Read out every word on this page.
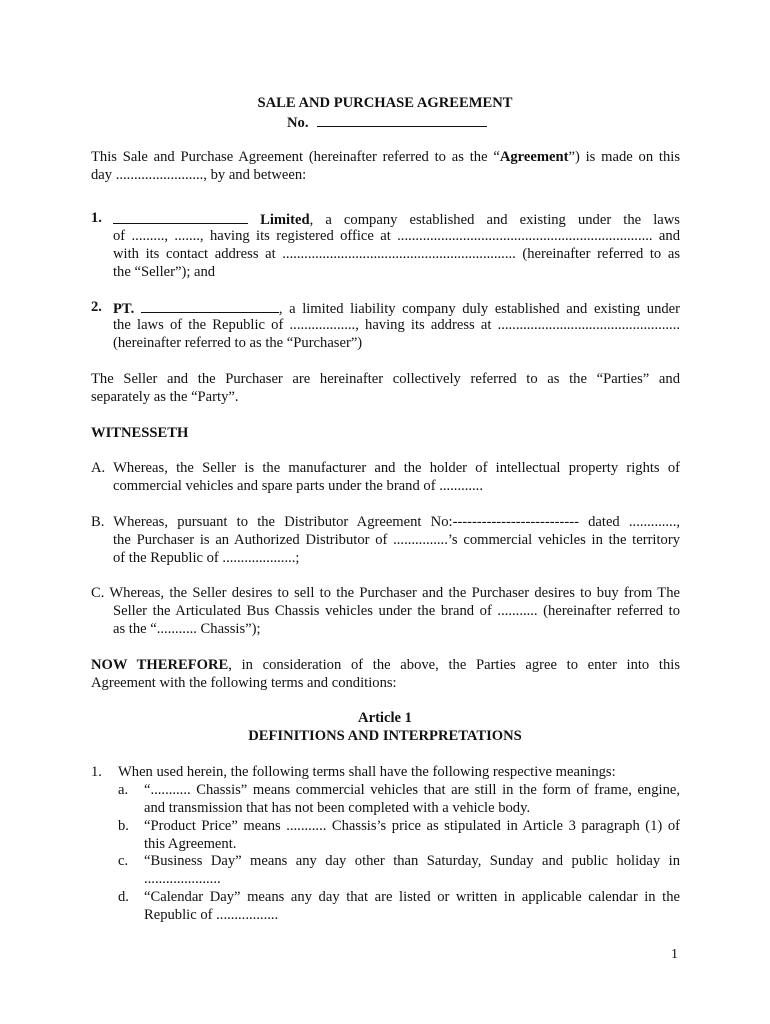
SALE AND PURCHASE AGREEMENT
No.
This Sale and Purchase Agreement (hereinafter referred to as the “Agreement”) is made on this
day ........................, by and between:
1.	Limited, a company established and existing under the laws
of ........., ......., having its registered office at ...................................................................... and
with its contact address at ................................................................ (hereinafter referred to as
the “Seller”); and
2. PT.	, a limited liability company duly established and existing under
the laws of the Republic of .................., having its address at ..................................................
(hereinafter referred to as the “Purchaser”)
The Seller and the Purchaser are hereinafter collectively referred to as the “Parties” and
separately as the “Party”.
WITNESSETH
A. Whereas, the Seller is the manufacturer and the holder of intellectual property rights of
commercial vehicles and spare parts under the brand of ............
B. Whereas, pursuant to the Distributor Agreement No:-------------------------- dated .............,
the Purchaser is an Authorized Distributor of ...............’s commercial vehicles in the territory
of the Republic of ....................;
C. Whereas, the Seller desires to sell to the Purchaser and the Purchaser desires to buy from The
Seller the Articulated Bus Chassis vehicles under the brand of ........... (hereinafter referred to
as the “........... Chassis”);
NOW THEREFORE, in consideration of the above, the Parties agree to enter into this
Agreement with the following terms and conditions:
Article 1
DEFINITIONS AND INTERPRETATIONS
1. When used herein, the following terms shall have the following respective meanings:
a. “........... Chassis” means commercial vehicles that are still in the form of frame, engine,
and transmission that has not been completed with a vehicle body.
b. “Product Price” means ........... Chassis’s price as stipulated in Article 3 paragraph (1) of
this Agreement.
c. “Business Day” means any day other than Saturday, Sunday and public holiday in
.....................
d. “Calendar Day” means any day that are listed or written in applicable calendar in the
Republic of .................
1
